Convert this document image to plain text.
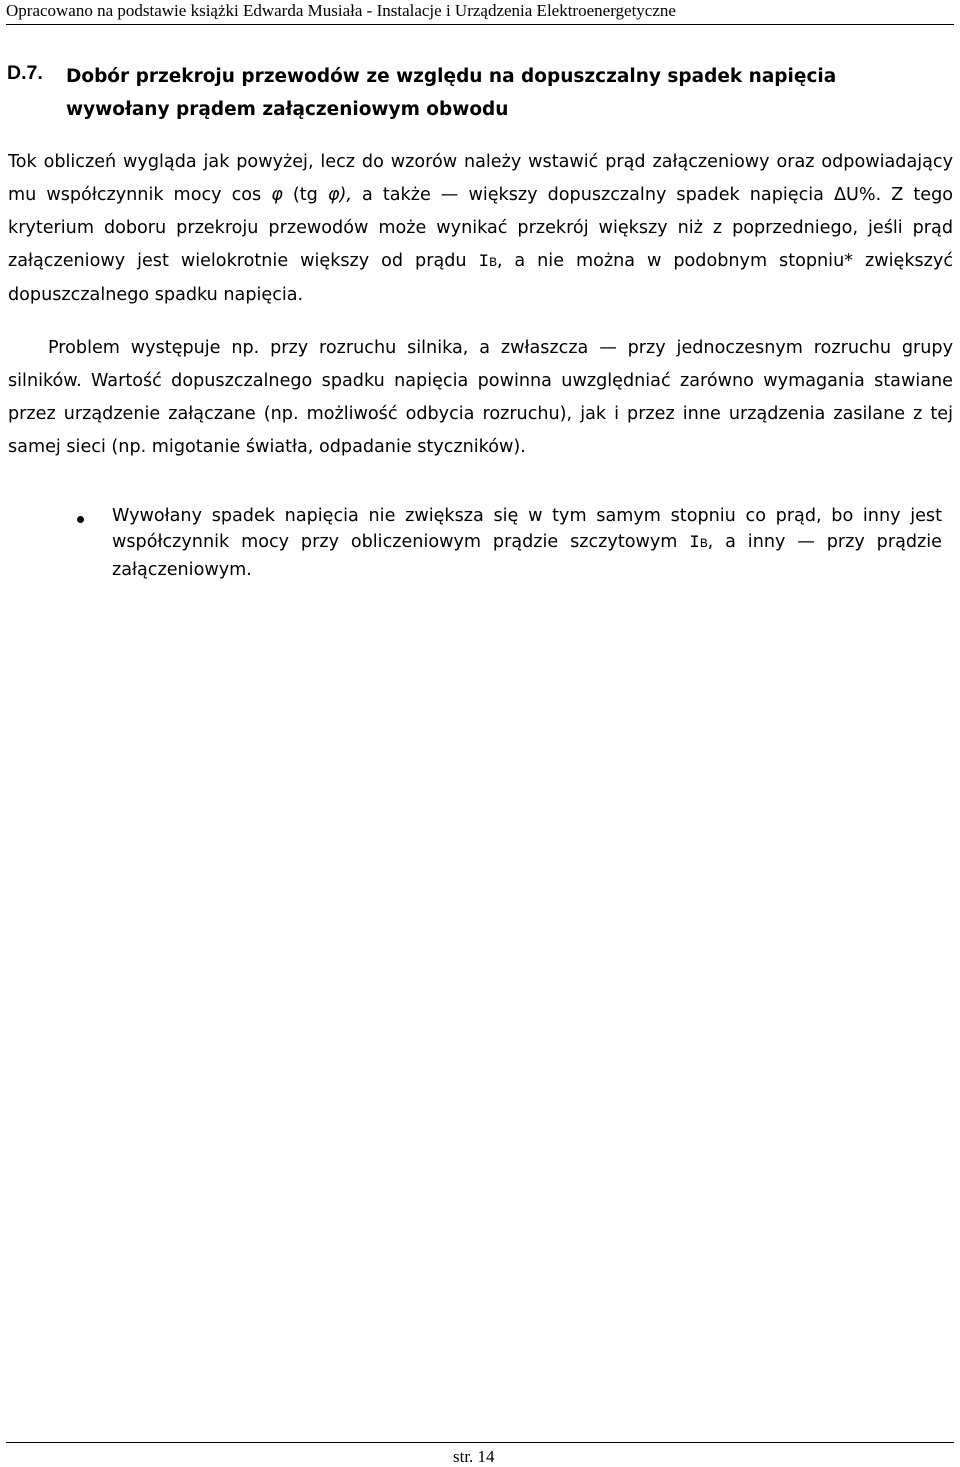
Opracowano na podstawie książki Edwarda Musiała - Instalacje i Urządzenia Elektroenergetyczne
D.7. Dobór przekroju przewodów ze względu na dopuszczalny spadek napięcia wywołany prądem załączeniowym obwodu
Tok obliczeń wygląda jak powyżej, lecz do wzorów należy wstawić prąd załączeniowy oraz odpowiadający mu współczynnik mocy cos φ (tg φ), a także — większy dopuszczalny spadek napięcia ΔU%. Z tego kryterium doboru przekroju przewodów może wynikać przekrój większy niż z poprzedniego, jeśli prąd załączeniowy jest wielokrotnie większy od prądu IB, a nie można w podobnym stopniu* zwiększyć dopuszczalnego spadku napięcia.
Problem występuje np. przy rozruchu silnika, a zwłaszcza — przy jednoczesnym rozruchu grupy silników. Wartość dopuszczalnego spadku napięcia powinna uwzględniać zarówno wymagania stawiane przez urządzenie załączane (np. możliwość odbycia rozruchu), jak i przez inne urządzenia zasilane z tej samej sieci (np. migotanie światła, odpadanie styczników).
Wywołany spadek napięcia nie zwiększa się w tym samym stopniu co prąd, bo inny jest współczynnik mocy przy obliczeniowym prądzie szczytowym IB, a inny — przy prądzie załączeniowym.
str. 14
